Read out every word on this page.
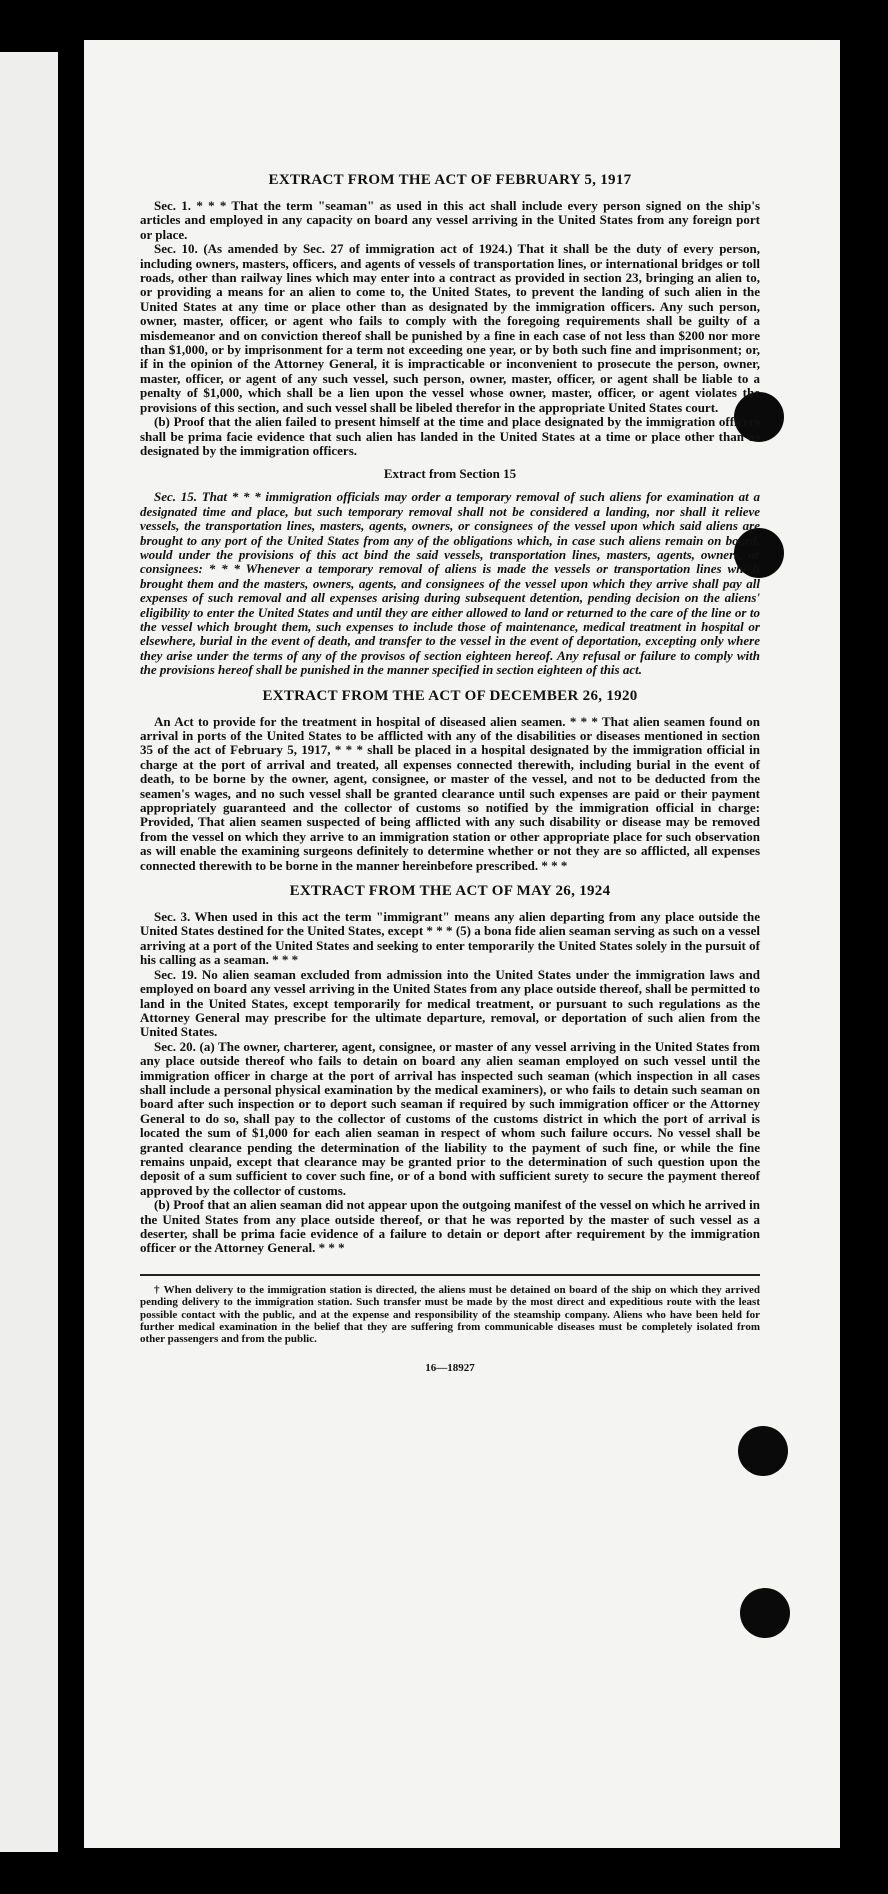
EXTRACT FROM THE ACT OF FEBRUARY 5, 1917

Sec. 1. * * * That the term "seaman" as used in this act shall include every person signed on the ship's articles and employed in any capacity on board any vessel arriving in the United States from any foreign port or place.

Sec. 10. (As amended by Sec. 27 of immigration act of 1924.) That it shall be the duty of every person, including owners, masters, officers, and agents of vessels of transportation lines, or international bridges or toll roads, other than railway lines which may enter into a contract as provided in section 23, bringing an alien to, or providing a means for an alien to come to, the United States, to prevent the landing of such alien in the United States at any time or place other than as designated by the immigration officers. Any such person, owner, master, officer, or agent who fails to comply with the foregoing requirements shall be guilty of a misdemeanor and on conviction thereof shall be punished by a fine in each case of not less than $200 nor more than $1,000, or by imprisonment for a term not exceeding one year, or by both such fine and imprisonment; or, if in the opinion of the Attorney General, it is impracticable or inconvenient to prosecute the person, owner, master, officer, or agent of any such vessel, such person, owner, master, officer, or agent shall be liable to a penalty of $1,000, which shall be a lien upon the vessel whose owner, master, officer, or agent violates the provisions of this section, and such vessel shall be libeled therefor in the appropriate United States court.

(b) Proof that the alien failed to present himself at the time and place designated by the immigration officers shall be prima facie evidence that such alien has landed in the United States at a time or place other than as designated by the immigration officers.

Extract from Section 15

Sec. 15. That * * * immigration officials may order a temporary removal of such aliens for examination at a designated time and place, but such temporary removal shall not be considered a landing, nor shall it relieve vessels, the transportation lines, masters, agents, owners, or consignees of the vessel upon which said aliens are brought to any port of the United States from any of the obligations which, in case such aliens remain on board, would under the provisions of this act bind the said vessels, transportation lines, masters, agents, owners, or consignees: * * * Whenever a temporary removal of aliens is made the vessels or transportation lines which brought them and the masters, owners, agents, and consignees of the vessel upon which they arrive shall pay all expenses of such removal and all expenses arising during subsequent detention, pending decision on the aliens' eligibility to enter the United States and until they are either allowed to land or returned to the care of the line or to the vessel which brought them, such expenses to include those of maintenance, medical treatment in hospital or elsewhere, burial in the event of death, and transfer to the vessel in the event of deportation, excepting only where they arise under the terms of any of the provisos of section eighteen hereof. Any refusal or failure to comply with the provisions hereof shall be punished in the manner specified in section eighteen of this act.

EXTRACT FROM THE ACT OF DECEMBER 26, 1920

An Act to provide for the treatment in hospital of diseased alien seamen. * * * That alien seamen found on arrival in ports of the United States to be afflicted with any of the disabilities or diseases mentioned in section 35 of the act of February 5, 1917, * * * shall be placed in a hospital designated by the immigration official in charge at the port of arrival and treated, all expenses connected therewith, including burial in the event of death, to be borne by the owner, agent, consignee, or master of the vessel, and not to be deducted from the seamen's wages, and no such vessel shall be granted clearance until such expenses are paid or their payment appropriately guaranteed and the collector of customs so notified by the immigration official in charge: Provided, That alien seamen suspected of being afflicted with any such disability or disease may be removed from the vessel on which they arrive to an immigration station or other appropriate place for such observation as will enable the examining surgeons definitely to determine whether or not they are so afflicted, all expenses connected therewith to be borne in the manner hereinbefore prescribed. * * *

EXTRACT FROM THE ACT OF MAY 26, 1924

Sec. 3. When used in this act the term "immigrant" means any alien departing from any place outside the United States destined for the United States, except * * * (5) a bona fide alien seaman serving as such on a vessel arriving at a port of the United States and seeking to enter temporarily the United States solely in the pursuit of his calling as a seaman. * * *

Sec. 19. No alien seaman excluded from admission into the United States under the immigration laws and employed on board any vessel arriving in the United States from any place outside thereof, shall be permitted to land in the United States, except temporarily for medical treatment, or pursuant to such regulations as the Attorney General may prescribe for the ultimate departure, removal, or deportation of such alien from the United States.

Sec. 20. (a) The owner, charterer, agent, consignee, or master of any vessel arriving in the United States from any place outside thereof who fails to detain on board any alien seaman employed on such vessel until the immigration officer in charge at the port of arrival has inspected such seaman (which inspection in all cases shall include a personal physical examination by the medical examiners), or who fails to detain such seaman on board after such inspection or to deport such seaman if required by such immigration officer or the Attorney General to do so, shall pay to the collector of customs of the customs district in which the port of arrival is located the sum of $1,000 for each alien seaman in respect of whom such failure occurs. No vessel shall be granted clearance pending the determination of the liability to the payment of such fine, or while the fine remains unpaid, except that clearance may be granted prior to the determination of such question upon the deposit of a sum sufficient to cover such fine, or of a bond with sufficient surety to secure the payment thereof approved by the collector of customs.

(b) Proof that an alien seaman did not appear upon the outgoing manifest of the vessel on which he arrived in the United States from any place outside thereof, or that he was reported by the master of such vessel as a deserter, shall be prima facie evidence of a failure to detain or deport after requirement by the immigration officer or the Attorney General. * * *

† When delivery to the immigration station is directed, the aliens must be detained on board of the ship on which they arrived pending delivery to the immigration station. Such transfer must be made by the most direct and expeditious route with the least possible contact with the public, and at the expense and responsibility of the steamship company. Aliens who have been held for further medical examination in the belief that they are suffering from communicable diseases must be completely isolated from other passengers and from the public.

16—18927
